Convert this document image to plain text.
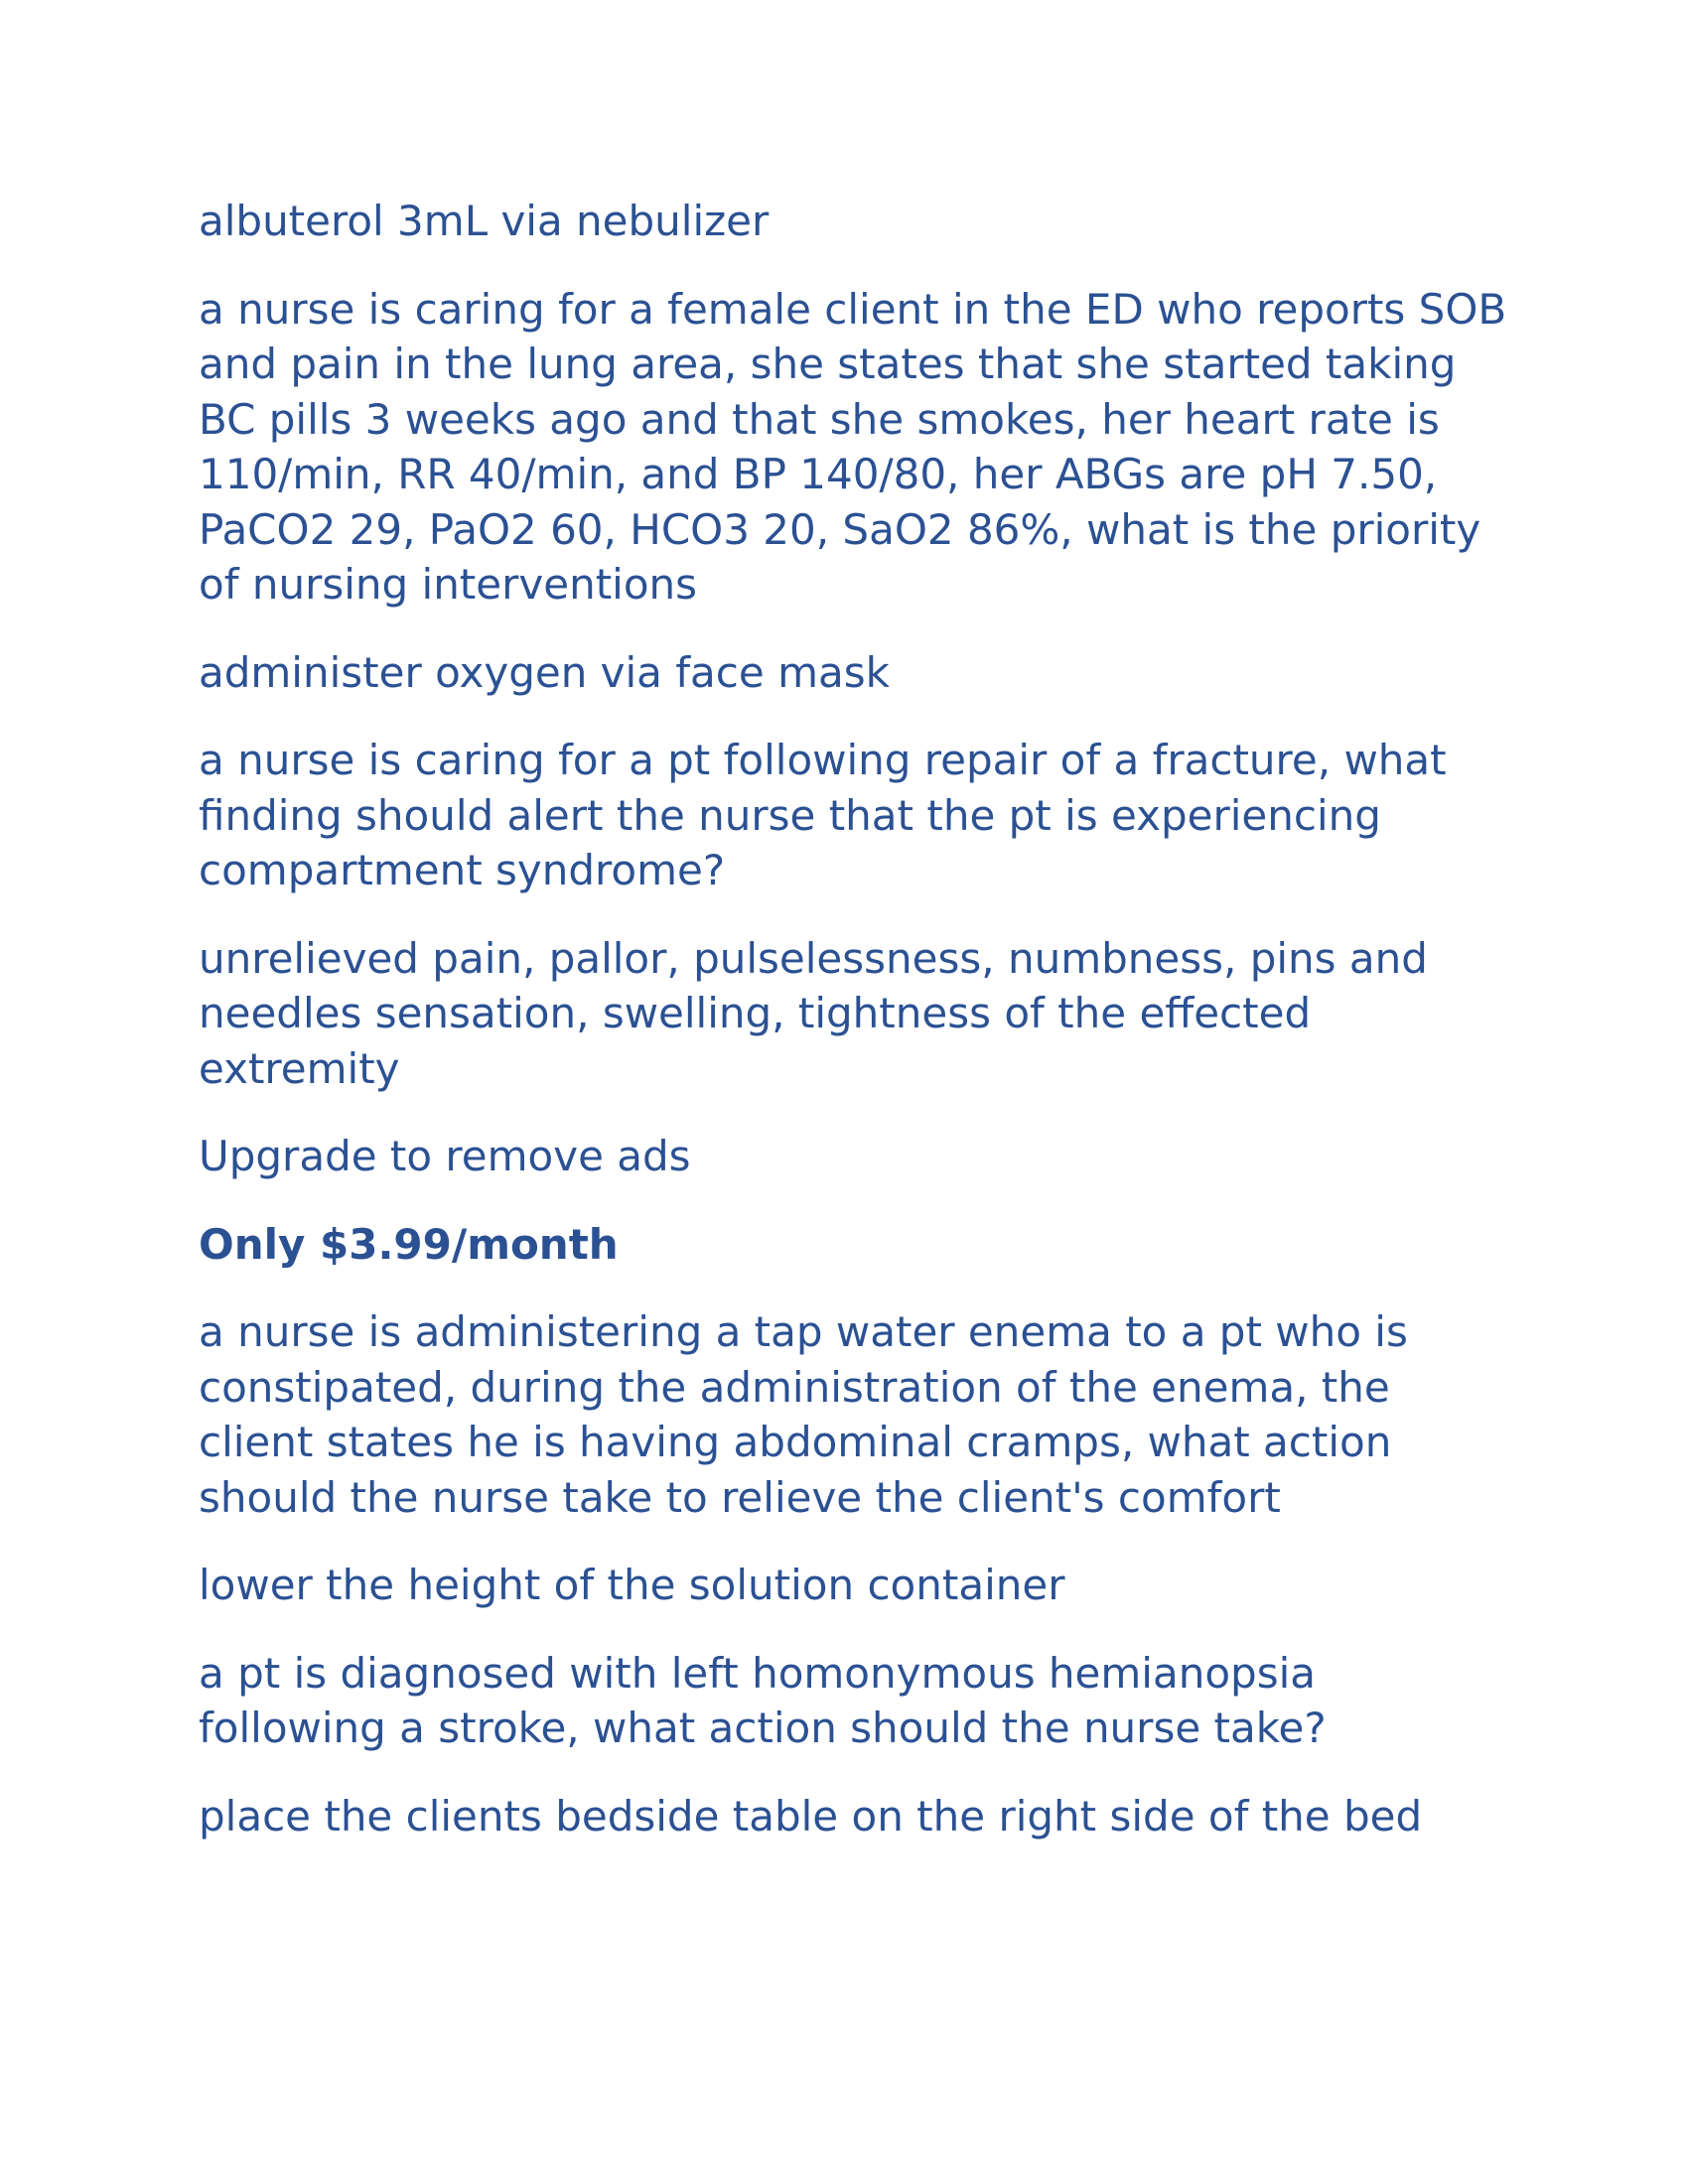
albuterol 3mL via nebulizer

a nurse is caring for a female client in the ED who reports SOB and pain in the lung area, she states that she started taking BC pills 3 weeks ago and that she smokes, her heart rate is 110/min, RR 40/min, and BP 140/80, her ABGs are pH 7.50, PaCO2 29, PaO2 60, HCO3 20, SaO2 86%, what is the priority of nursing interventions

administer oxygen via face mask

a nurse is caring for a pt following repair of a fracture, what ﬁnding should alert the nurse that the pt is experiencing compartment syndrome?

unrelieved pain, pallor, pulselessness, numbness, pins and needles sensation, swelling, tightness of the eﬀected extremity

Upgrade to remove ads

Only $3.99/month

a nurse is administering a tap water enema to a pt who is constipated, during the administration of the enema, the client states he is having abdominal cramps, what action should the nurse take to relieve the client's comfort

lower the height of the solution container

a pt is diagnosed with left homonymous hemianopsia following a stroke, what action should the nurse take?

place the clients bedside table on the right side of the bed
